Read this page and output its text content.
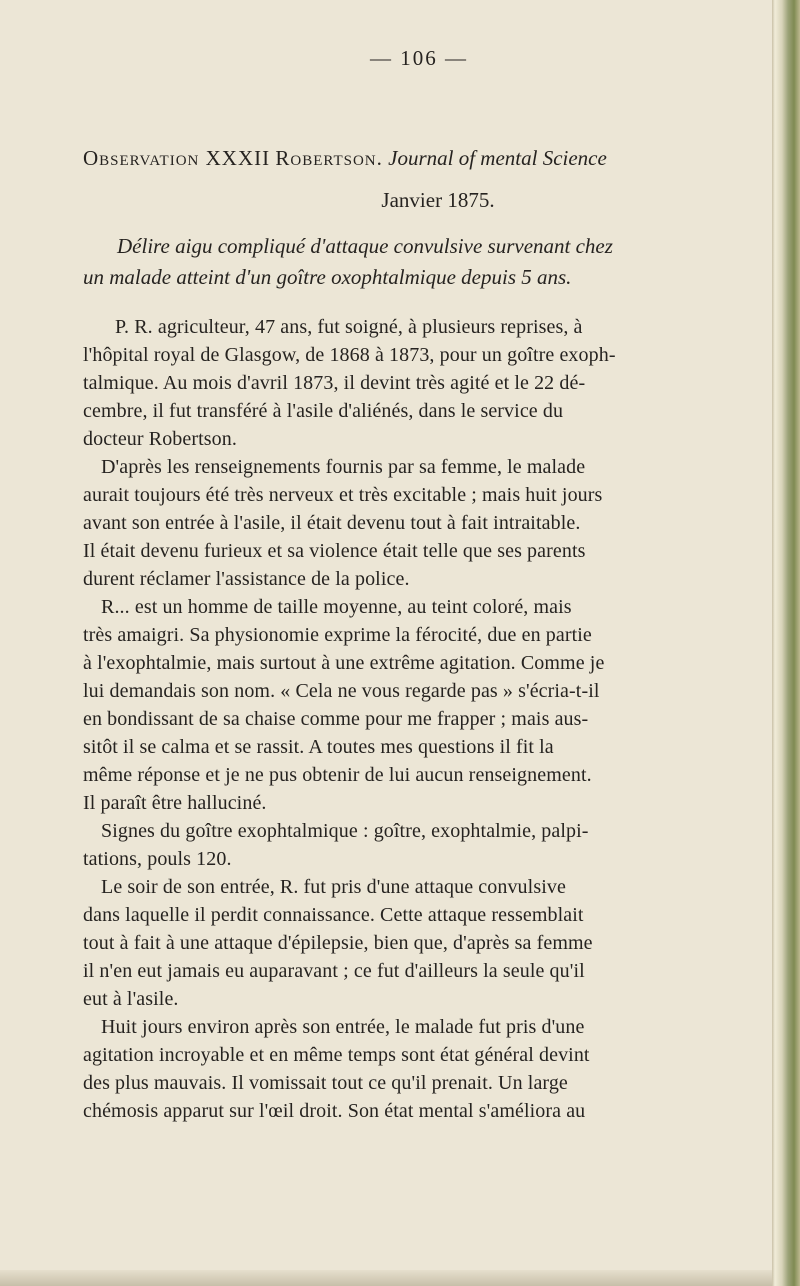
— 106 —
Observation XXXII Robertson. Journal of mental Science
Janvier 1875.
Délire aigu compliqué d'attaque convulsive survenant chez
un malade atteint d'un goître oxophtalmique depuis 5 ans.
P. R. agriculteur, 47 ans, fut soigné, à plusieurs reprises, à
l'hôpital royal de Glasgow, de 1868 à 1873, pour un goître exoph-
talmique. Au mois d'avril 1873, il devint très agité et le 22 dé-
cembre, il fut transféré à l'asile d'aliénés, dans le service du
docteur Robertson.
D'après les renseignements fournis par sa femme, le malade
aurait toujours été très nerveux et très excitable ; mais huit jours
avant son entrée à l'asile, il était devenu tout à fait intraitable.
Il était devenu furieux et sa violence était telle que ses parents
durent réclamer l'assistance de la police.
R... est un homme de taille moyenne, au teint coloré, mais
très amaigri. Sa physionomie exprime la férocité, due en partie
à l'exophtalmie, mais surtout à une extrême agitation. Comme je
lui demandais son nom. « Cela ne vous regarde pas » s'écria-t-il
en bondissant de sa chaise comme pour me frapper ; mais aus-
sitôt il se calma et se rassit. A toutes mes questions il fit la
même réponse et je ne pus obtenir de lui aucun renseignement.
Il paraît être halluciné.
Signes du goître exophtalmique : goître, exophtalmie, palpi-
tations, pouls 120.
Le soir de son entrée, R. fut pris d'une attaque convulsive
dans laquelle il perdit connaissance. Cette attaque ressemblait
tout à fait à une attaque d'épilepsie, bien que, d'après sa femme
il n'en eut jamais eu auparavant ; ce fut d'ailleurs la seule qu'il
eut à l'asile.
Huit jours environ après son entrée, le malade fut pris d'une
agitation incroyable et en même temps sont état général devint
des plus mauvais. Il vomissait tout ce qu'il prenait. Un large
chémosis apparut sur l'œil droit. Son état mental s'améliora au
